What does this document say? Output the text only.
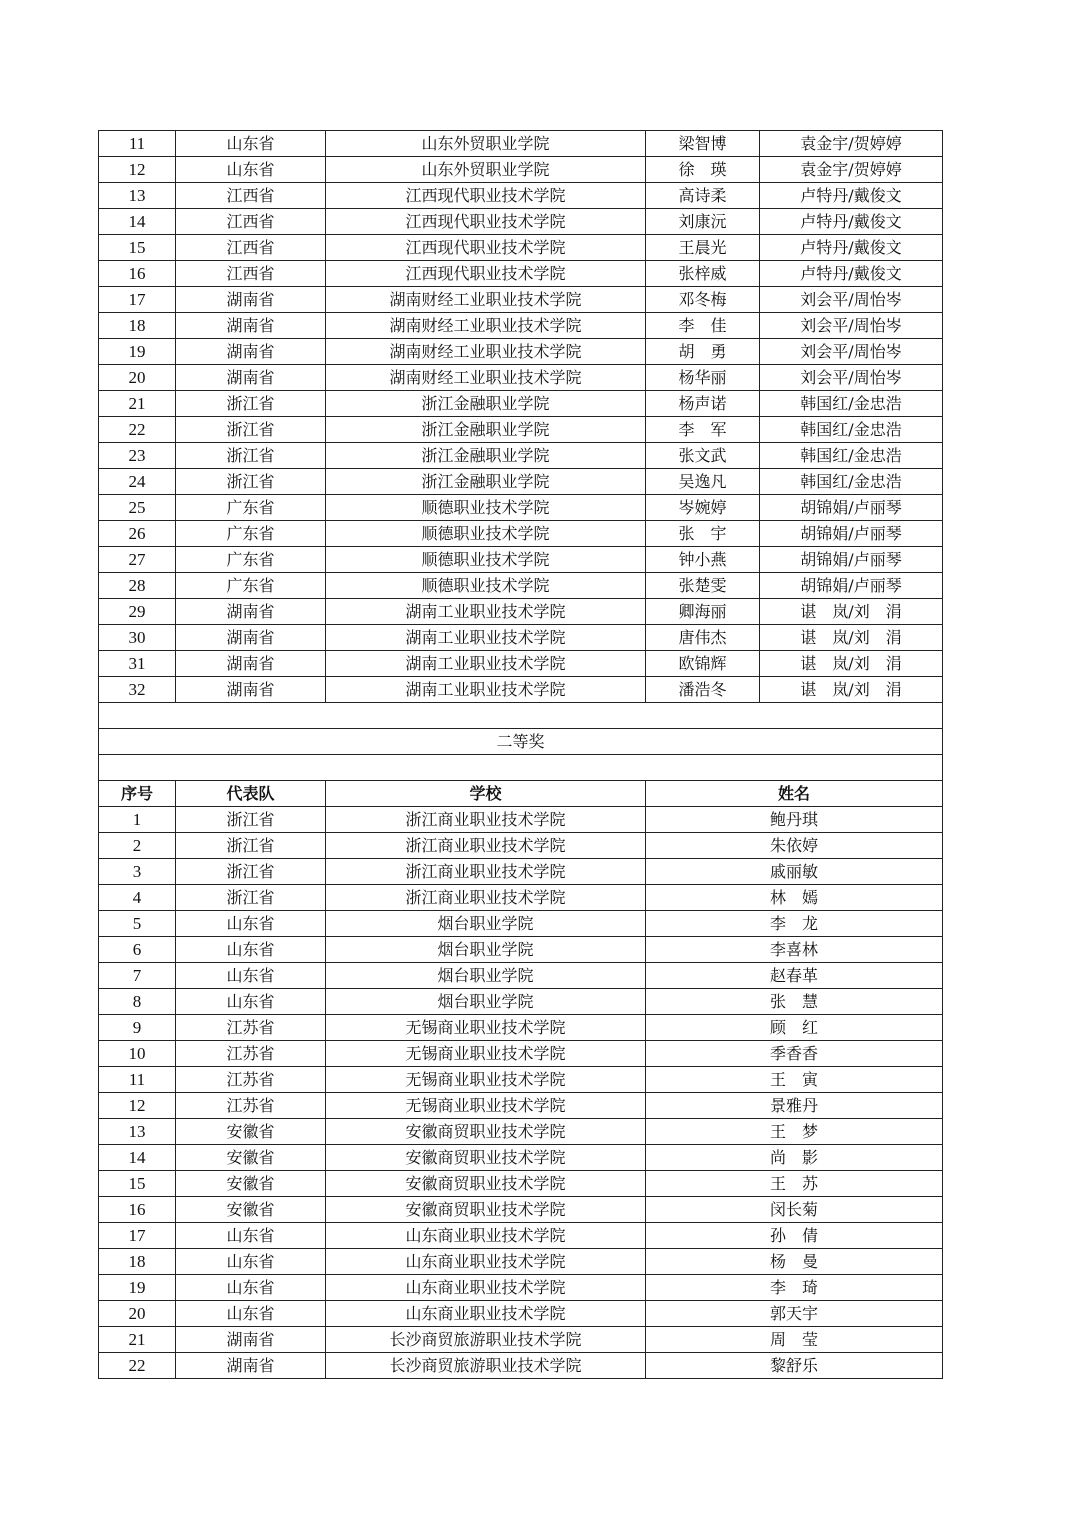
11	山东省	山东外贸职业学院	梁智博	袁金宇/贺婷婷
12	山东省	山东外贸职业学院	徐　瑛	袁金宇/贺婷婷
13	江西省	江西现代职业技术学院	高诗柔	卢特丹/戴俊文
14	江西省	江西现代职业技术学院	刘康沅	卢特丹/戴俊文
15	江西省	江西现代职业技术学院	王晨光	卢特丹/戴俊文
16	江西省	江西现代职业技术学院	张梓威	卢特丹/戴俊文
17	湖南省	湖南财经工业职业技术学院	邓冬梅	刘会平/周怡岑
18	湖南省	湖南财经工业职业技术学院	李　佳	刘会平/周怡岑
19	湖南省	湖南财经工业职业技术学院	胡　勇	刘会平/周怡岑
20	湖南省	湖南财经工业职业技术学院	杨华丽	刘会平/周怡岑
21	浙江省	浙江金融职业学院	杨声诺	韩国红/金忠浩
22	浙江省	浙江金融职业学院	李　军	韩国红/金忠浩
23	浙江省	浙江金融职业学院	张文武	韩国红/金忠浩
24	浙江省	浙江金融职业学院	吴逸凡	韩国红/金忠浩
25	广东省	顺德职业技术学院	岑婉婷	胡锦娟/卢丽琴
26	广东省	顺德职业技术学院	张　宇	胡锦娟/卢丽琴
27	广东省	顺德职业技术学院	钟小燕	胡锦娟/卢丽琴
28	广东省	顺德职业技术学院	张楚雯	胡锦娟/卢丽琴
29	湖南省	湖南工业职业技术学院	卿海丽	谌　岚/刘　涓
30	湖南省	湖南工业职业技术学院	唐伟杰	谌　岚/刘　涓
31	湖南省	湖南工业职业技术学院	欧锦辉	谌　岚/刘　涓
32	湖南省	湖南工业职业技术学院	潘浩冬	谌　岚/刘　涓

二等奖				

序号	代表队	学校	姓名	
1	浙江省	浙江商业职业技术学院	鲍丹琪	
2	浙江省	浙江商业职业技术学院	朱依婷	
3	浙江省	浙江商业职业技术学院	戚丽敏	
4	浙江省	浙江商业职业技术学院	林　嫣	
5	山东省	烟台职业学院	李　龙	
6	山东省	烟台职业学院	李喜林	
7	山东省	烟台职业学院	赵春革	
8	山东省	烟台职业学院	张　慧	
9	江苏省	无锡商业职业技术学院	顾　红	
10	江苏省	无锡商业职业技术学院	季香香	
11	江苏省	无锡商业职业技术学院	王　寅	
12	江苏省	无锡商业职业技术学院	景雅丹	
13	安徽省	安徽商贸职业技术学院	王　梦	
14	安徽省	安徽商贸职业技术学院	尚　影	
15	安徽省	安徽商贸职业技术学院	王　苏	
16	安徽省	安徽商贸职业技术学院	闵长菊	
17	山东省	山东商业职业技术学院	孙　倩	
18	山东省	山东商业职业技术学院	杨　曼	
19	山东省	山东商业职业技术学院	李　琦	
20	山东省	山东商业职业技术学院	郭天宇	
21	湖南省	长沙商贸旅游职业技术学院	周　莹	
22	湖南省	长沙商贸旅游职业技术学院	黎舒乐	
